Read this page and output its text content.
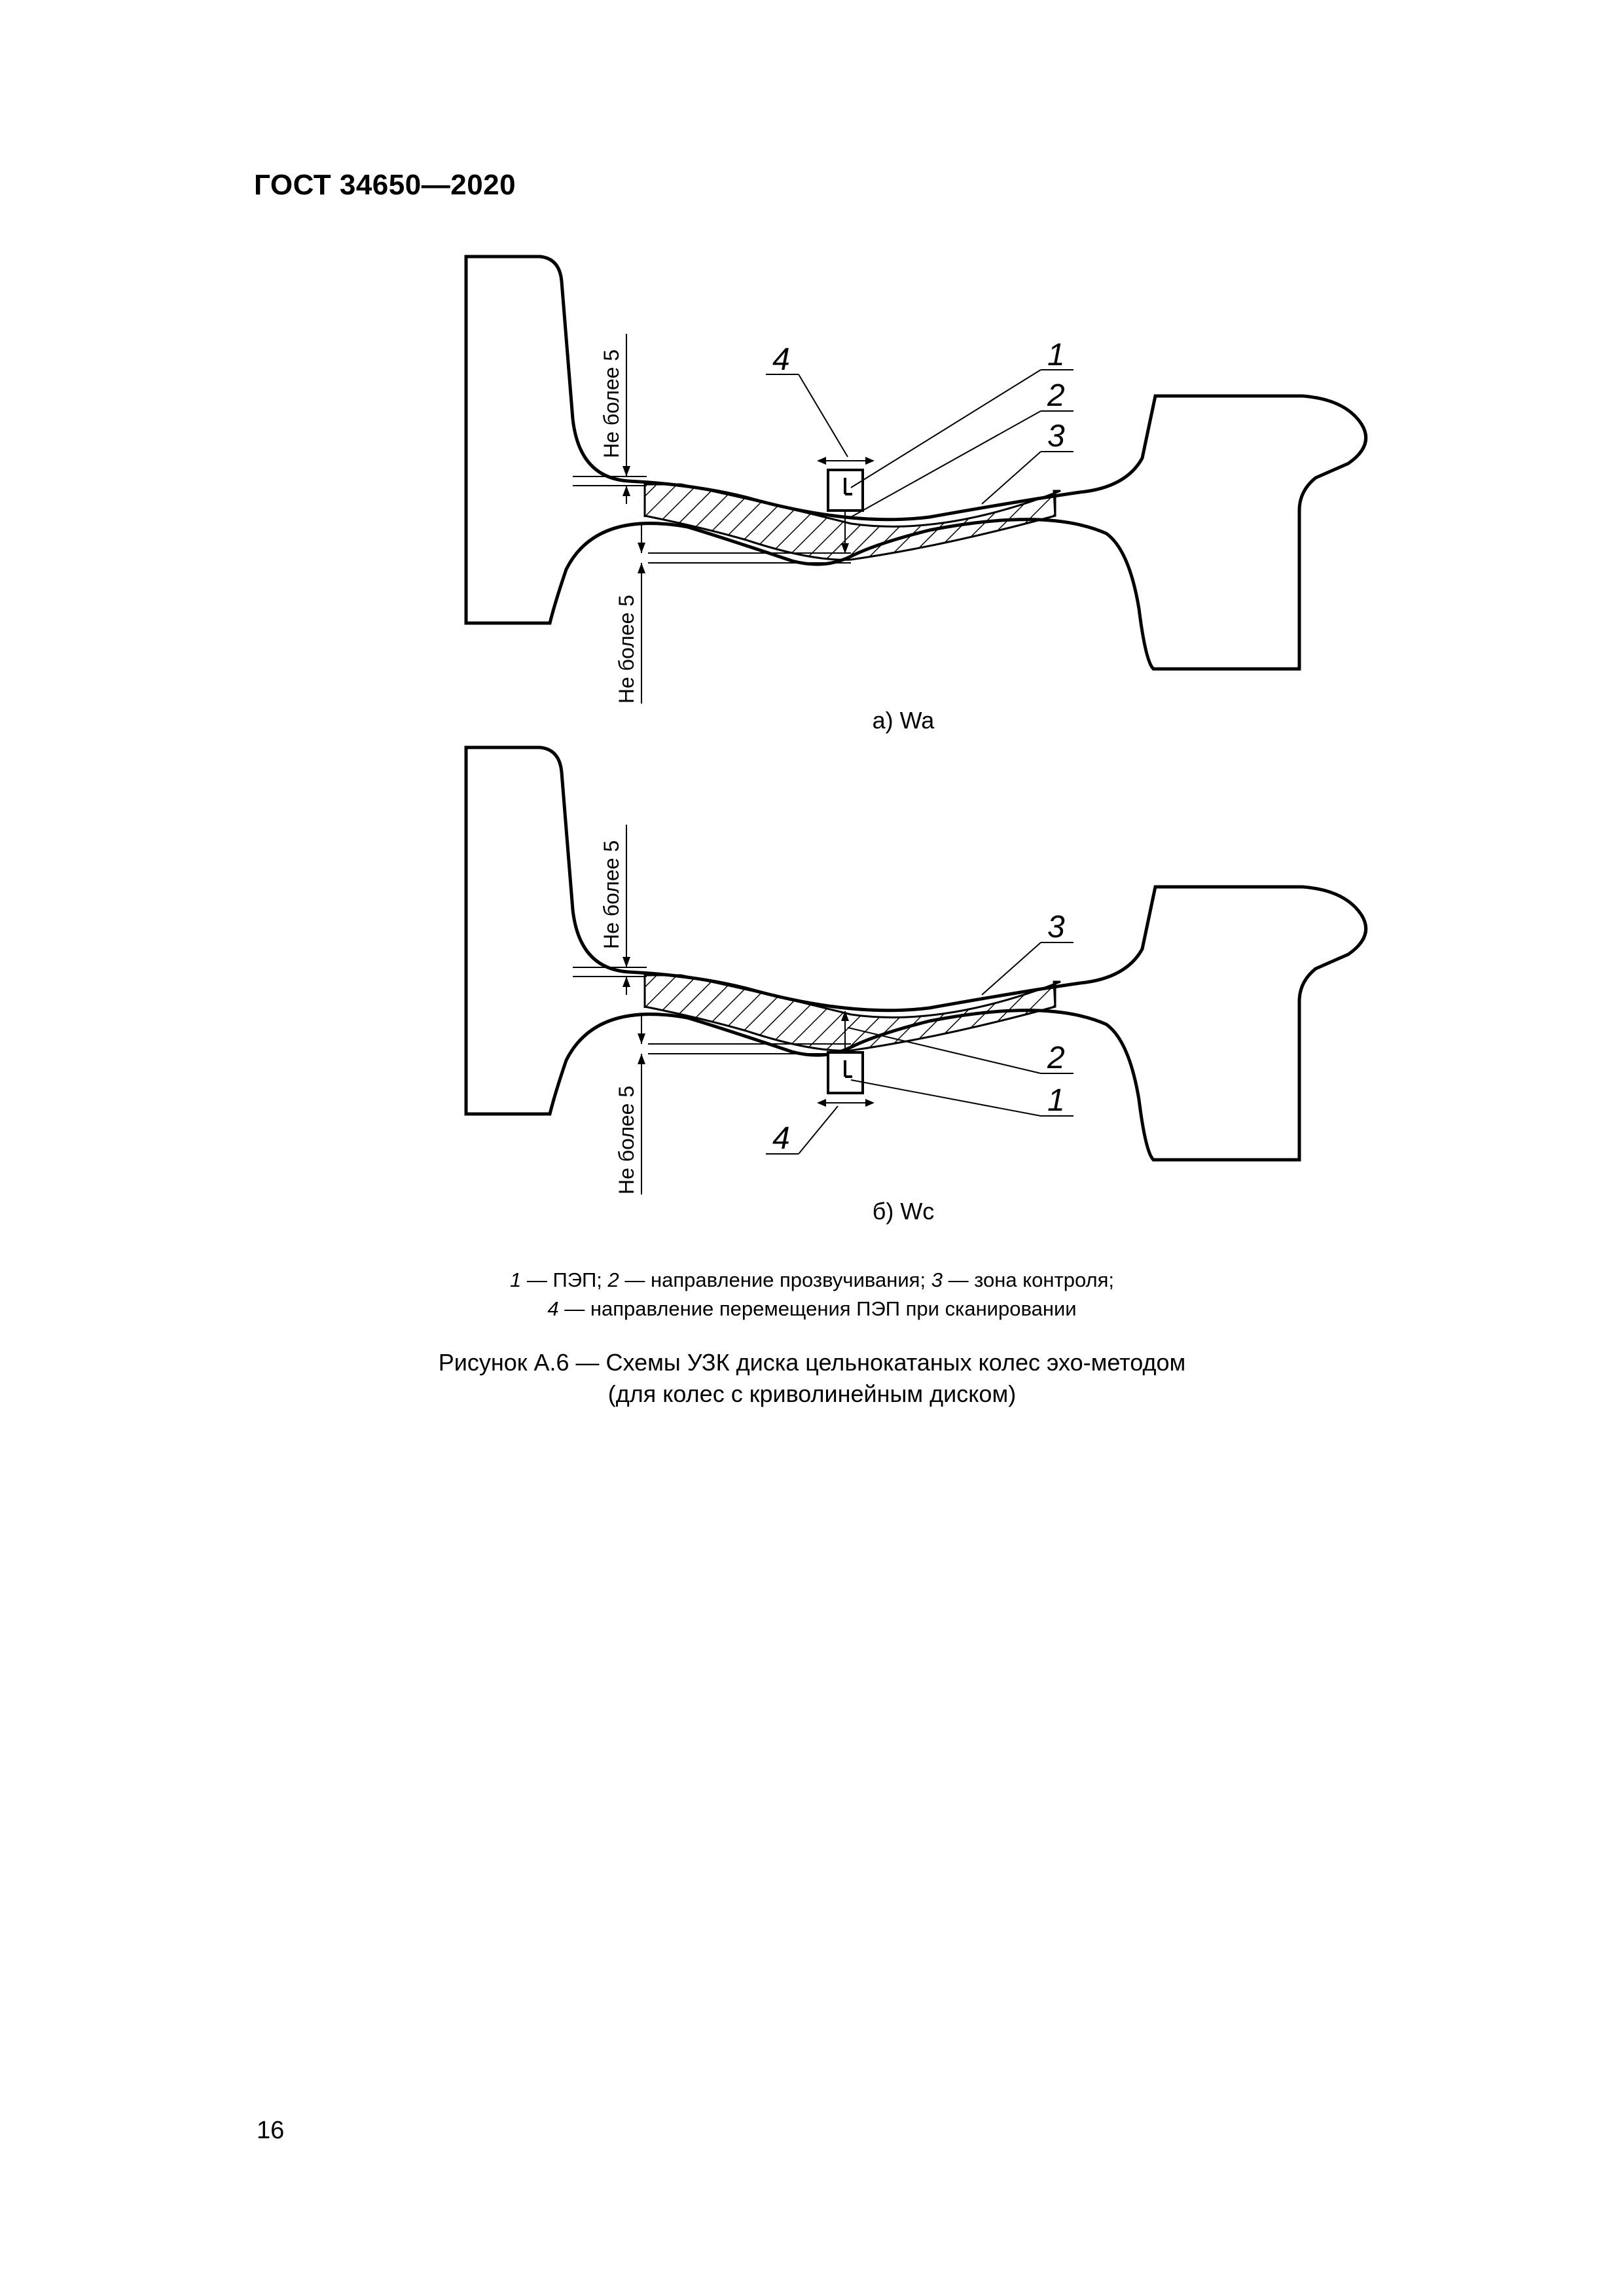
ГОСТ 34650—2020
Не более 5
Не более 5
4	1
2
3
а) Wa
Не более 5
Не более 5	4
1
2
3
б) Wc
1 — ПЭП; 2 — направление прозвучивания; 3 — зона контроля;
4 — направление перемещения ПЭП при сканировании
Рисунок А.6 — Схемы УЗК диска цельнокатаных колес эхо-методом
(для колес с криволинейным диском)
16
